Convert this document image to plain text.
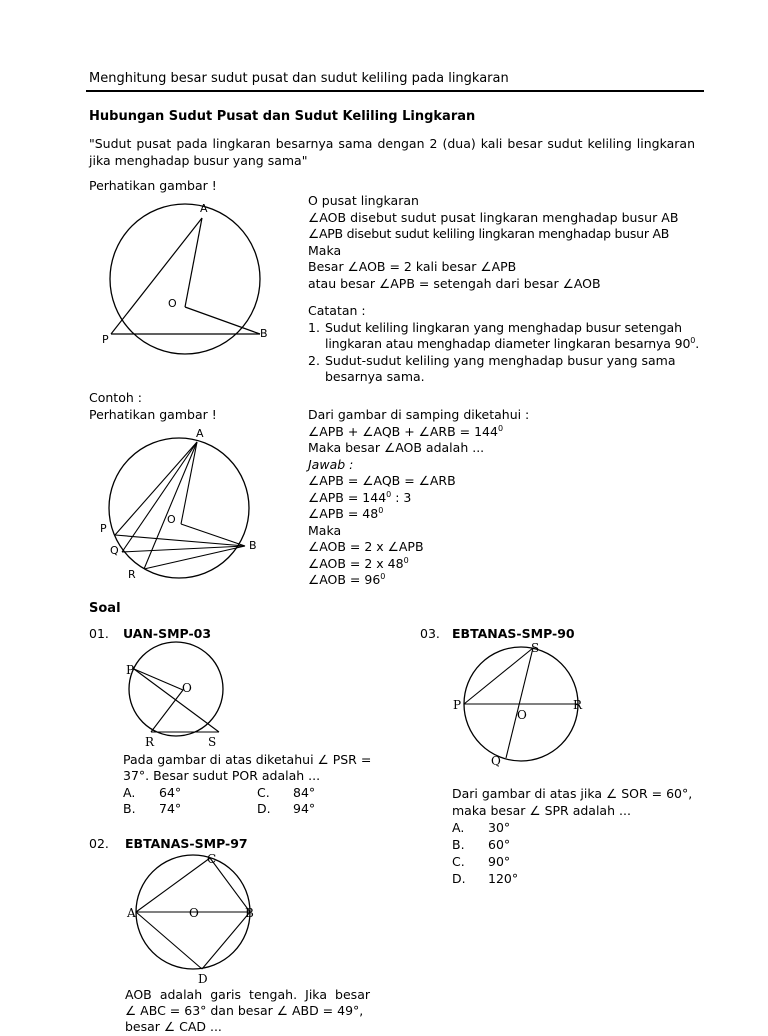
Menghitung besar sudut pusat dan sudut keliling pada lingkaran
Hubungan Sudut Pusat dan Sudut Keliling Lingkaran
"Sudut pusat pada lingkaran besarnya sama dengan 2 (dua) kali besar sudut keliling lingkaran jika menghadap busur yang sama"
Perhatikan gambar !
A
O
P	B
O pusat lingkaran
∠AOB disebut sudut pusat lingkaran menghadap busur AB
∠APB disebut sudut keliling lingkaran menghadap busur AB
Maka
Besar ∠AOB = 2 kali besar ∠APB
atau besar ∠APB = setengah dari besar ∠AOB
Catatan :
1. Sudut keliling lingkaran yang menghadap busur setengah
lingkaran atau menghadap diameter lingkaran besarnya $90^0$.
2. Sudut-sudut keliling yang menghadap busur yang sama
besarnya sama.
Contoh :
Perhatikan gambar !
A
O
P
Q
R
B
Dari gambar di samping diketahui :
∠APB + ∠AQB + ∠ARB = $144^0$
Maka besar ∠AOB adalah ...
Jawab :
∠APB = ∠AQB = ∠ARB
∠APB = $144^0$ : 3
∠APB = $48^0$
Maka
∠AOB = 2 x ∠APB
∠AOB = 2 x $48^0$
∠AOB = $96^0$
Soal
01. UAN-SMP-03
P
O
R	S
Pada gambar di atas diketahui ∠ PSR =
37°. Besar sudut POR adalah ...
A. 64°
B. 74°
C. 84°
D. 94°
02. EBTANAS-SMP-97
C
A	O	B
D
AOB adalah garis tengah. Jika besar
∠ ABC = 63° dan besar ∠ ABD = 49°,
besar ∠ CAD ...
03. EBTANAS-SMP-90
S
P
O
R
Q
Dari gambar di atas jika ∠ SOR = 60°,
maka besar ∠ SPR adalah ...
A. 30°
B. 60°
C. 90°
D. 120°
